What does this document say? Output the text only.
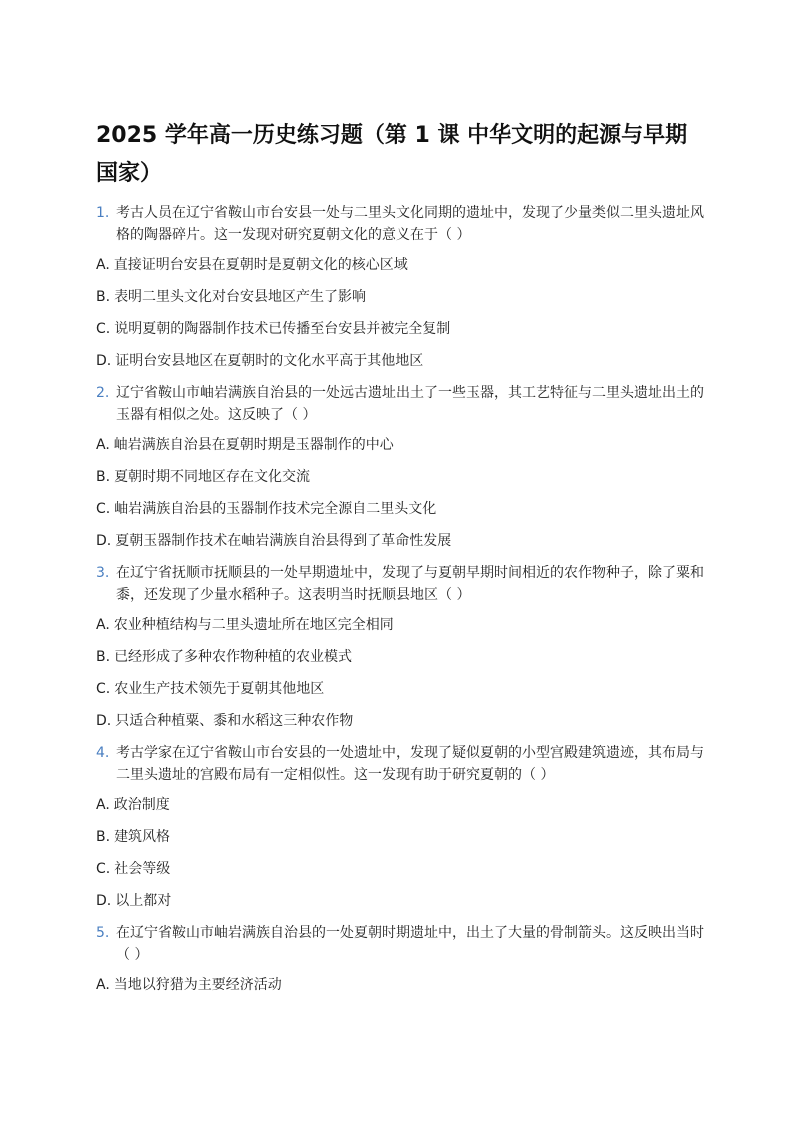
2025 学年高一历史练习题（第 1 课 中华文明的起源与早期国家）
1. 考古人员在辽宁省鞍山市台安县一处与二里头文化同期的遗址中，发现了少量类似二里头遗址风格的陶器碎片。这一发现对研究夏朝文化的意义在于（ ）
A. 直接证明台安县在夏朝时是夏朝文化的核心区域
B. 表明二里头文化对台安县地区产生了影响
C. 说明夏朝的陶器制作技术已传播至台安县并被完全复制
D. 证明台安县地区在夏朝时的文化水平高于其他地区
2. 辽宁省鞍山市岫岩满族自治县的一处远古遗址出土了一些玉器，其工艺特征与二里头遗址出土的玉器有相似之处。这反映了（ ）
A. 岫岩满族自治县在夏朝时期是玉器制作的中心
B. 夏朝时期不同地区存在文化交流
C. 岫岩满族自治县的玉器制作技术完全源自二里头文化
D. 夏朝玉器制作技术在岫岩满族自治县得到了革命性发展
3. 在辽宁省抚顺市抚顺县的一处早期遗址中，发现了与夏朝早期时间相近的农作物种子，除了粟和黍，还发现了少量水稻种子。这表明当时抚顺县地区（ ）
A. 农业种植结构与二里头遗址所在地区完全相同
B. 已经形成了多种农作物种植的农业模式
C. 农业生产技术领先于夏朝其他地区
D. 只适合种植粟、黍和水稻这三种农作物
4. 考古学家在辽宁省鞍山市台安县的一处遗址中，发现了疑似夏朝的小型宫殿建筑遗迹，其布局与二里头遗址的宫殿布局有一定相似性。这一发现有助于研究夏朝的（ ）
A. 政治制度
B. 建筑风格
C. 社会等级
D. 以上都对
5. 在辽宁省鞍山市岫岩满族自治县的一处夏朝时期遗址中，出土了大量的骨制箭头。这反映出当时（ ）
A. 当地以狩猎为主要经济活动
